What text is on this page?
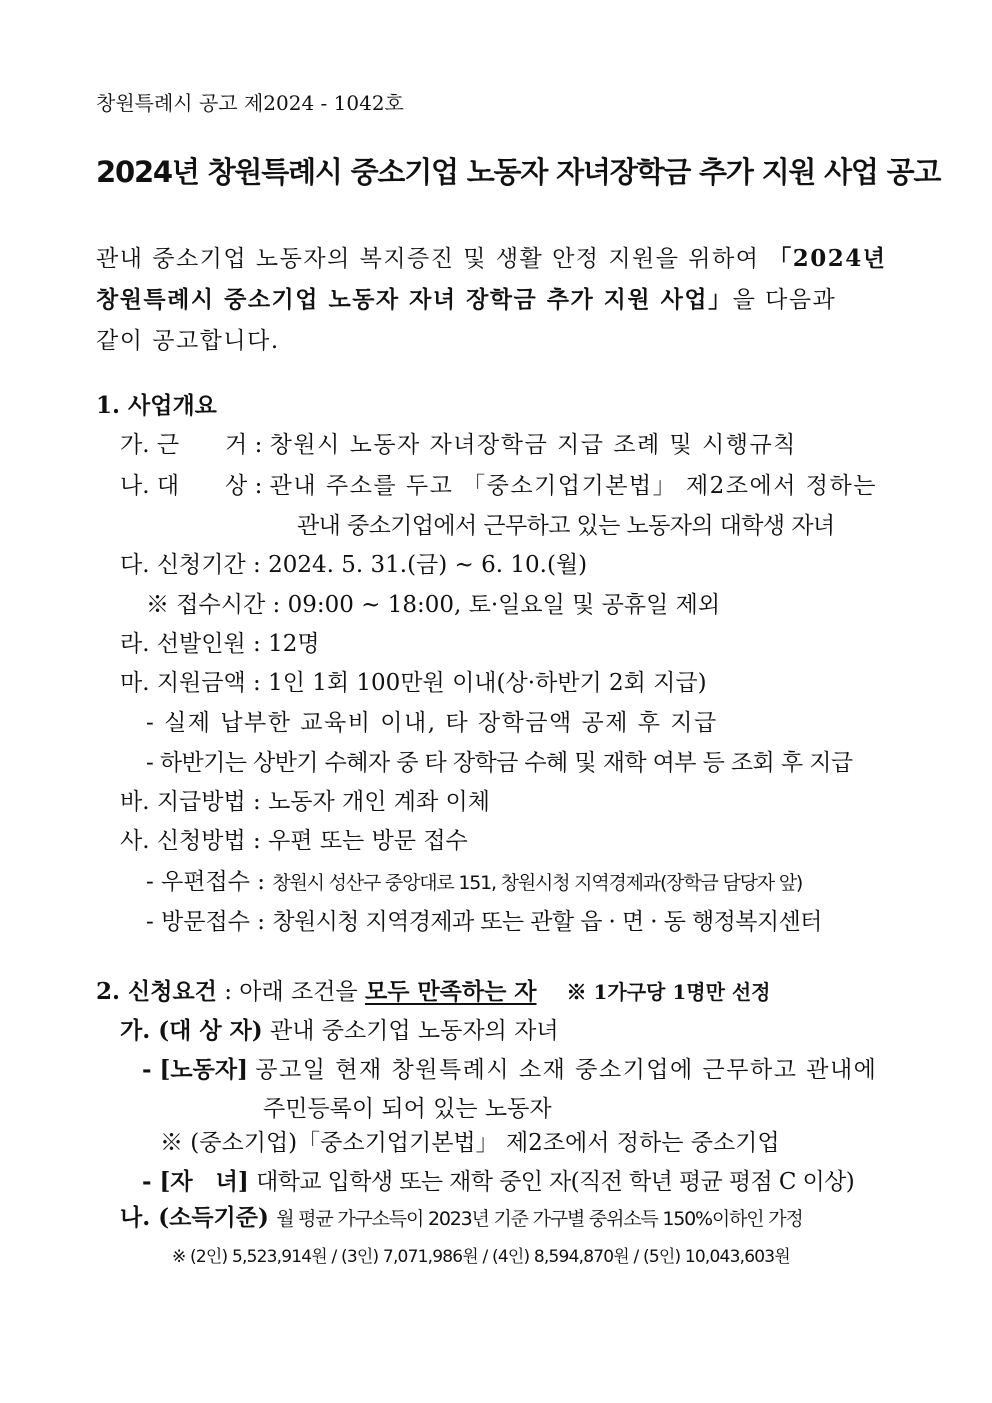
창원특례시 공고 제2024 - 1042호
2024년 창원특례시 중소기업 노동자 자녀장학금 추가 지원 사업 공고
관내 중소기업 노동자의 복지증진 및 생활 안정 지원을 위하여 「2024년
창원특례시 중소기업 노동자 자녀 장학금 추가 지원 사업」을 다음과
같이 공고합니다.
1. 사업개요
가. 근　　거 : 창원시 노동자 자녀장학금 지급 조례 및 시행규칙
나. 대　　상 : 관내 주소를 두고 「중소기업기본법」 제2조에서 정하는
관내 중소기업에서 근무하고 있는 노동자의 대학생 자녀
다. 신청기간 : 2024. 5. 31.(금) ~ 6. 10.(월)
※ 접수시간 : 09:00 ~ 18:00, 토·일요일 및 공휴일 제외
라. 선발인원 : 12명
마. 지원금액 : 1인 1회 100만원 이내(상·하반기 2회 지급)
- 실제 납부한 교육비 이내, 타 장학금액 공제 후 지급
- 하반기는 상반기 수혜자 중 타 장학금 수혜 및 재학 여부 등 조회 후 지급
바. 지급방법 : 노동자 개인 계좌 이체
사. 신청방법 : 우편 또는 방문 접수
- 우편접수 : 창원시 성산구 중앙대로 151, 창원시청 지역경제과(장학금 담당자 앞)
- 방문접수 : 창원시청 지역경제과 또는 관할 읍 · 면 · 동 행정복지센터
2. 신청요건 : 아래 조건을 모두 만족하는 자 ※ 1가구당 1명만 선정
가. (대 상 자) 관내 중소기업 노동자의 자녀
- [노동자] 공고일 현재 창원특례시 소재 중소기업에 근무하고 관내에
주민등록이 되어 있는 노동자
※ (중소기업)「중소기업기본법」 제2조에서 정하는 중소기업
- [자　녀] 대학교 입학생 또는 재학 중인 자(직전 학년 평균 평점 C 이상)
나. (소득기준) 월 평균 가구소득이 2023년 기준 가구별 중위소득 150%이하인 가정
※ (2인) 5,523,914원 / (3인) 7,071,986원 / (4인) 8,594,870원 / (5인) 10,043,603원
